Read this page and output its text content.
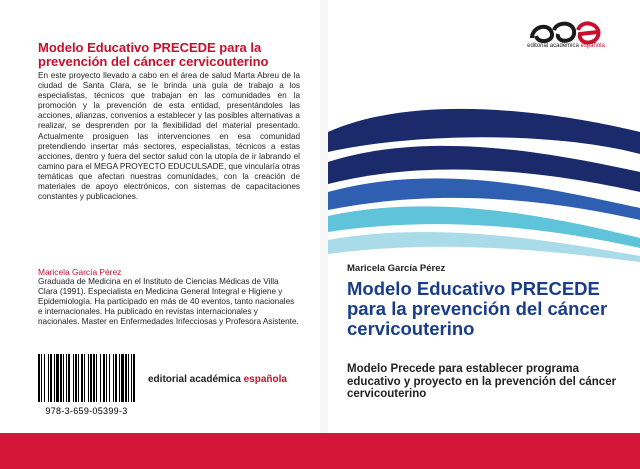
Modelo Educativo PRECEDE para la prevención del cáncer cervicouterino
En este proyecto llevado a cabo en el área de salud Marta Abreu de la ciudad de Santa Clara, se le brinda una guía de trabajo a los especialistas, técnicos que trabajan en las comunidades en la promoción y la prevención de esta entidad, presentándoles las acciones, alianzas, convenios a establecer y las posibles alternativas a realizar, se desprenden por la flexibilidad del material presentado. Actualmente prosiguen las intervenciones en esa comunidad pretendiendo insertar más sectores, especialistas, técnicos a estas acciones, dentro y fuera del sector salud con la utopía de ir labrando el camino para el MEGA PROYECTO EDUCULSADE, que vincularía otras temáticas que afectan nuestras comunidades, con la creación de materiales de apoyo electrónicos, con sistemas de capacitaciones constantes y publicaciones.
Maricela García Pérez
Graduada de Medicina en el Instituto de Ciencias Médicas de Villa Clara (1991). Especialista en Medicina General Integral e Higiene y Epidemiología. Ha participado en más de 40 eventos, tanto nacionales e internacionales. Ha publicado en revistas internacionales y nacionales. Master en Enfermedades Infecciosas y Profesora Asistente.
978-3-659-05399-3
editorial académica española
editorial académica española
Maricela García Pérez
Modelo Educativo PRECEDE para la prevención del cáncer cervicouterino
Modelo Precede para establecer programa educativo y proyecto en la prevención del cáncer cervicouterino
